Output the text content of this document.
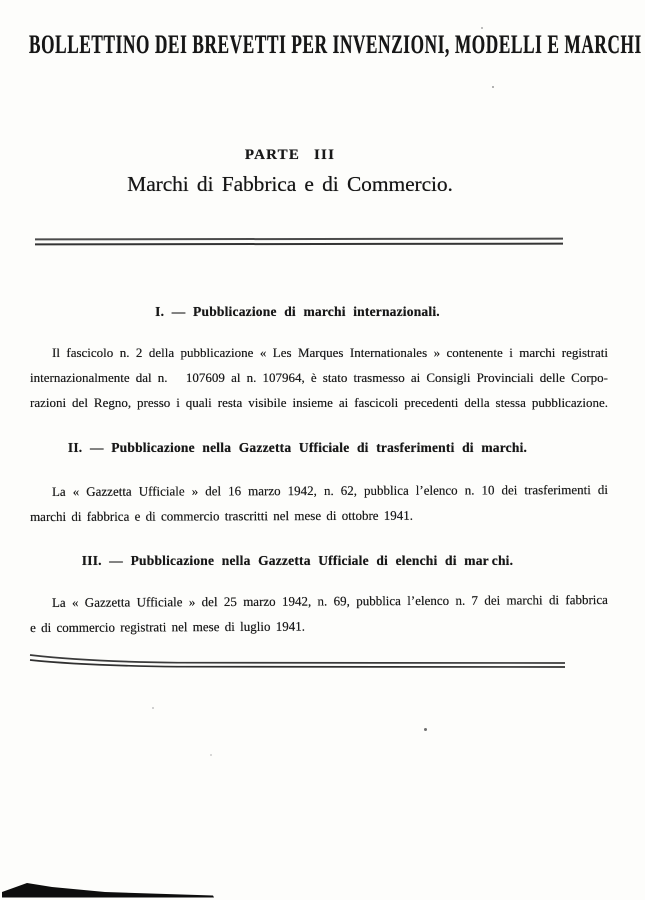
BOLLETTINO DEI BREVETTI PER INVENZIONI, MODELLI E MARCHI
PARTE III
Marchi di Fabbrica e di Commercio.
I. — Pubblicazione di marchi internazionali.
Il fascicolo n. 2 della pubblicazione « Les Marques Internationales » contenente i marchi registrati
internazionalmente dal n.   107609 al n. 107964, è stato trasmesso ai Consigli Provinciali delle Corpo-
razioni del Regno, presso i quali resta visibile insieme ai fascicoli precedenti della stessa pubblicazione.
II. — Pubblicazione nella Gazzetta Ufficiale di trasferimenti di marchi.
La « Gazzetta Ufficiale » del 16 marzo 1942, n. 62, pubblica l’elenco n. 10 dei trasferimenti di
marchi di fabbrica e di commercio trascritti nel mese di ottobre 1941.
III. — Pubblicazione nella Gazzetta Ufficiale di elenchi di mar chi.
La « Gazzetta Ufficiale » del 25 marzo 1942, n. 69, pubblica l’elenco n. 7 dei marchi di fabbrica
e di commercio registrati nel mese di luglio 1941.
